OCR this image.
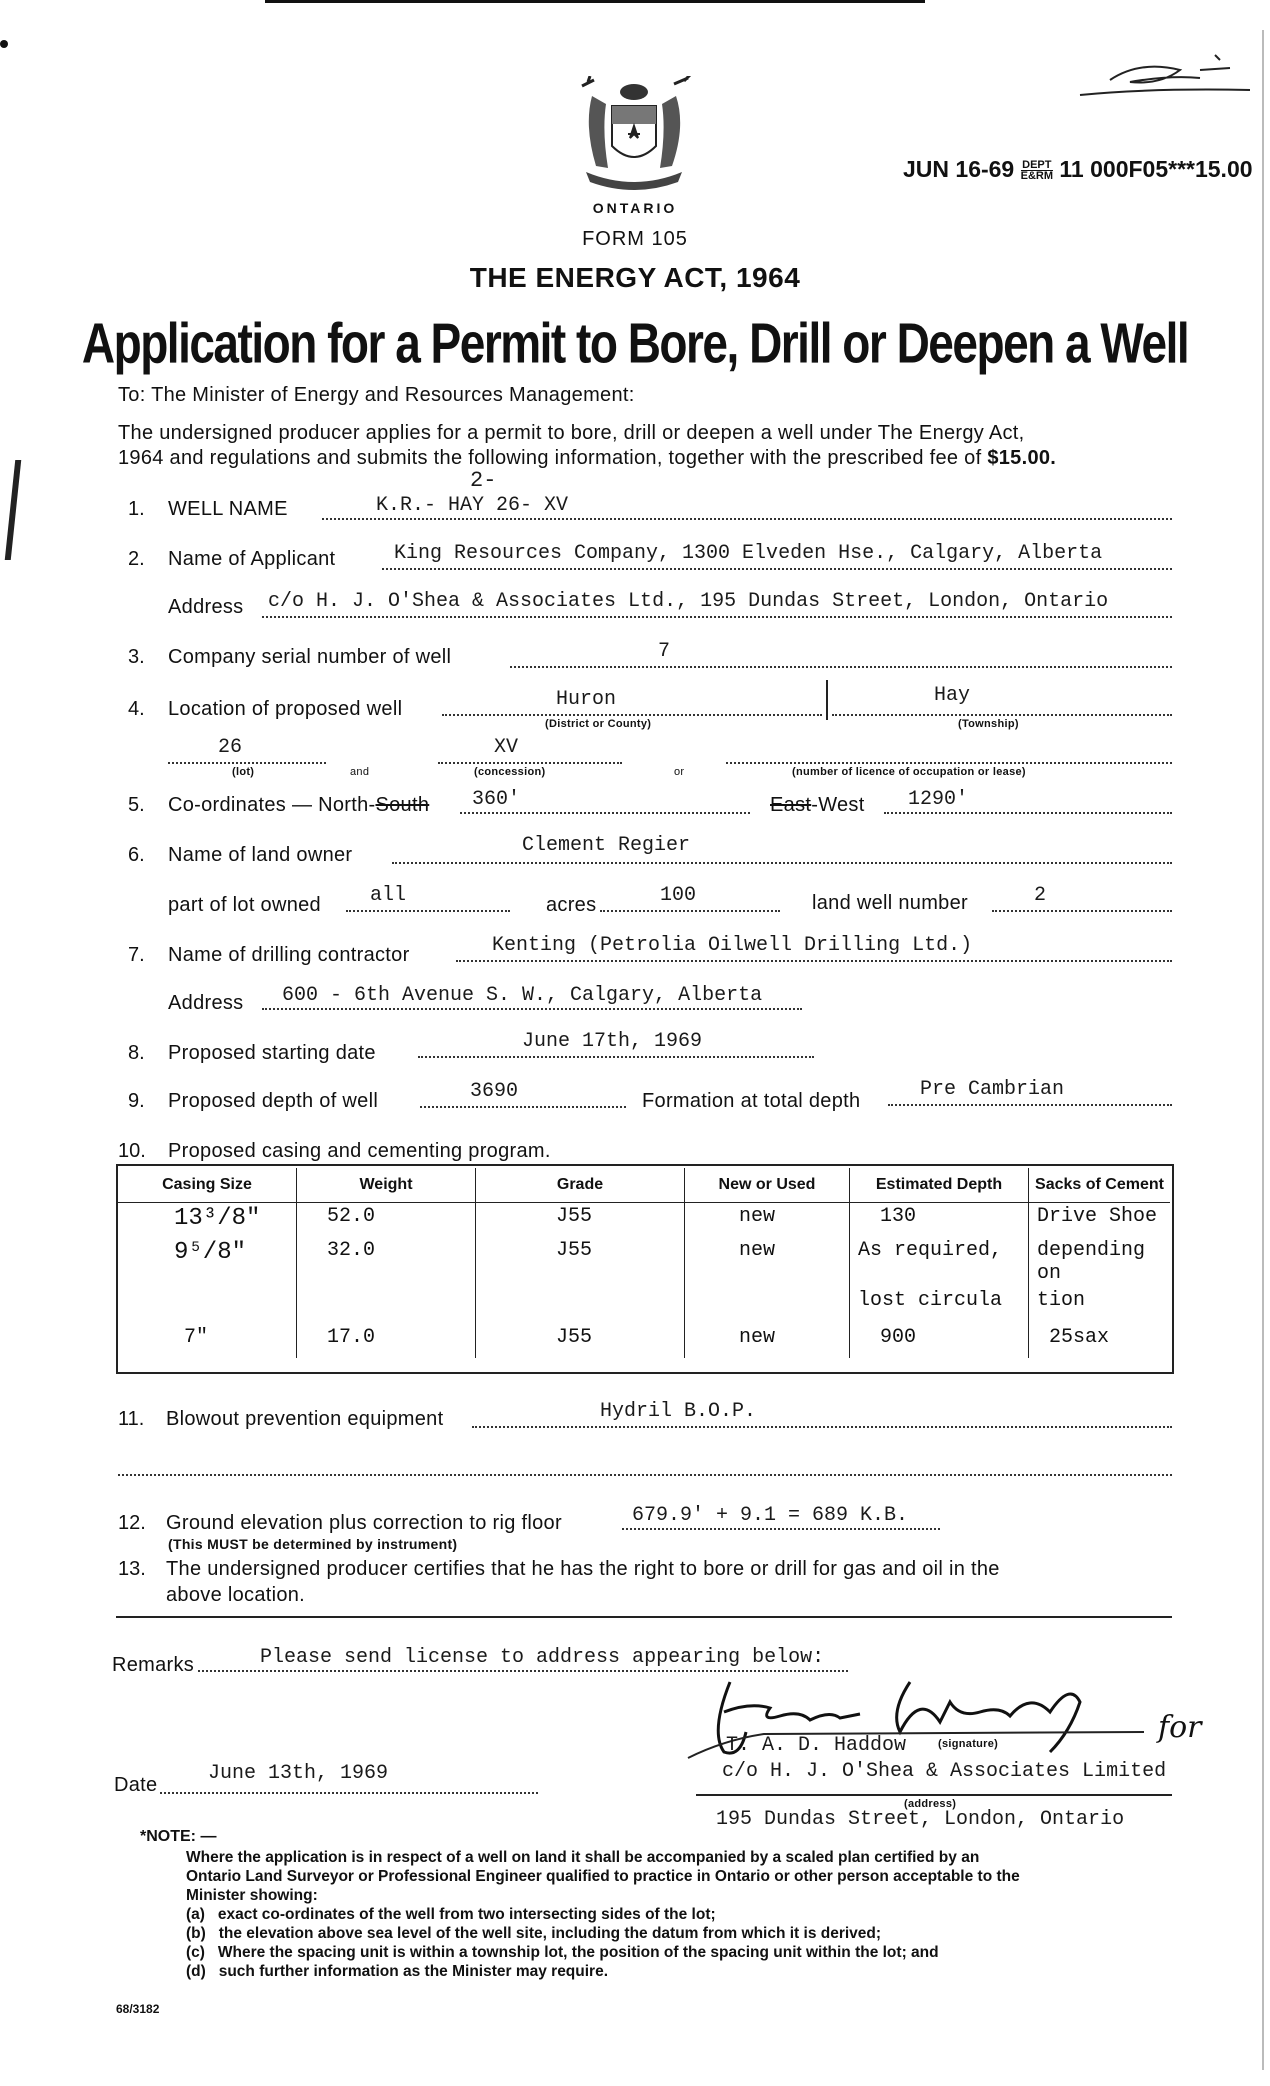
ONTARIO
FORM 105
THE ENERGY ACT, 1964
Application for a Permit to Bore, Drill or Deepen a Well
JUN 16-69 DEPT
E&RM 11 000F05***15.00
To: The Minister of Energy and Resources Management:
The undersigned producer applies for a permit to bore, drill or deepen a well under The Energy Act,
1964 and regulations and submits the following information, together with the prescribed fee of $15.00.
1. WELL NAME
2-
K.R.- HAY 26- XV
2. Name of Applicant	King Resources Company, 1300 Elveden Hse., Calgary, Alberta
Address c/o H. J. O'Shea & Associates Ltd., 195 Dundas Street, London, Ontario
3. Company serial number of well	7
4. Location of proposed well	Huron
(District or County)
Hay
(Township)
26
(lot)	and
XV
(concession)	or	(number of licence of occupation or lease)
5. Co-ordinates — North-South 360'	East-West 1290'
6. Name of land owner	Clement Regier
part of lot owned all	acres	100	land well number	2
7. Name of drilling contractor	Kenting (Petrolia Oilwell Drilling Ltd.)
Address 600 - 6th Avenue S. W., Calgary, Alberta
8. Proposed starting date	June 17th, 1969
9. Proposed depth of well	3690	Formation at total depth	Pre Cambrian
10. Proposed casing and cementing program.
Casing Size	Weight	Grade	New or Used	Estimated Depth	Sacks of Cement
13³/8"	52.0	J55	new	130	Drive Shoe
9⁵/8"	32.0	J55	new	As required,	depending on
				lost circula	tion
7"	17.0	J55	new	900	25sax
11. Blowout prevention equipment	Hydril B.O.P.
12. Ground elevation plus correction to rig floor	679.9' + 9.1 = 689 K.B.
(This MUST be determined by instrument)
13. The undersigned producer certifies that he has the right to bore or drill for gas and oil in the
above location.
Remarks	Please send license to address appearing below:
for
T. A. D. Haddow	(signature)
c/o H. J. O'Shea & Associates Limited
(address)
195 Dundas Street, London, Ontario
Date	June 13th, 1969
*NOTE: —
Where the application is in respect of a well on land it shall be accompanied by a scaled plan certified by an
Ontario Land Surveyor or Professional Engineer qualified to practice in Ontario or other person acceptable to the
Minister showing:
(a)   exact co-ordinates of the well from two intersecting sides of the lot;
(b)   the elevation above sea level of the well site, including the datum from which it is derived;
(c)   Where the spacing unit is within a township lot, the position of the spacing unit within the lot; and
(d)   such further information as the Minister may require.
68/3182
